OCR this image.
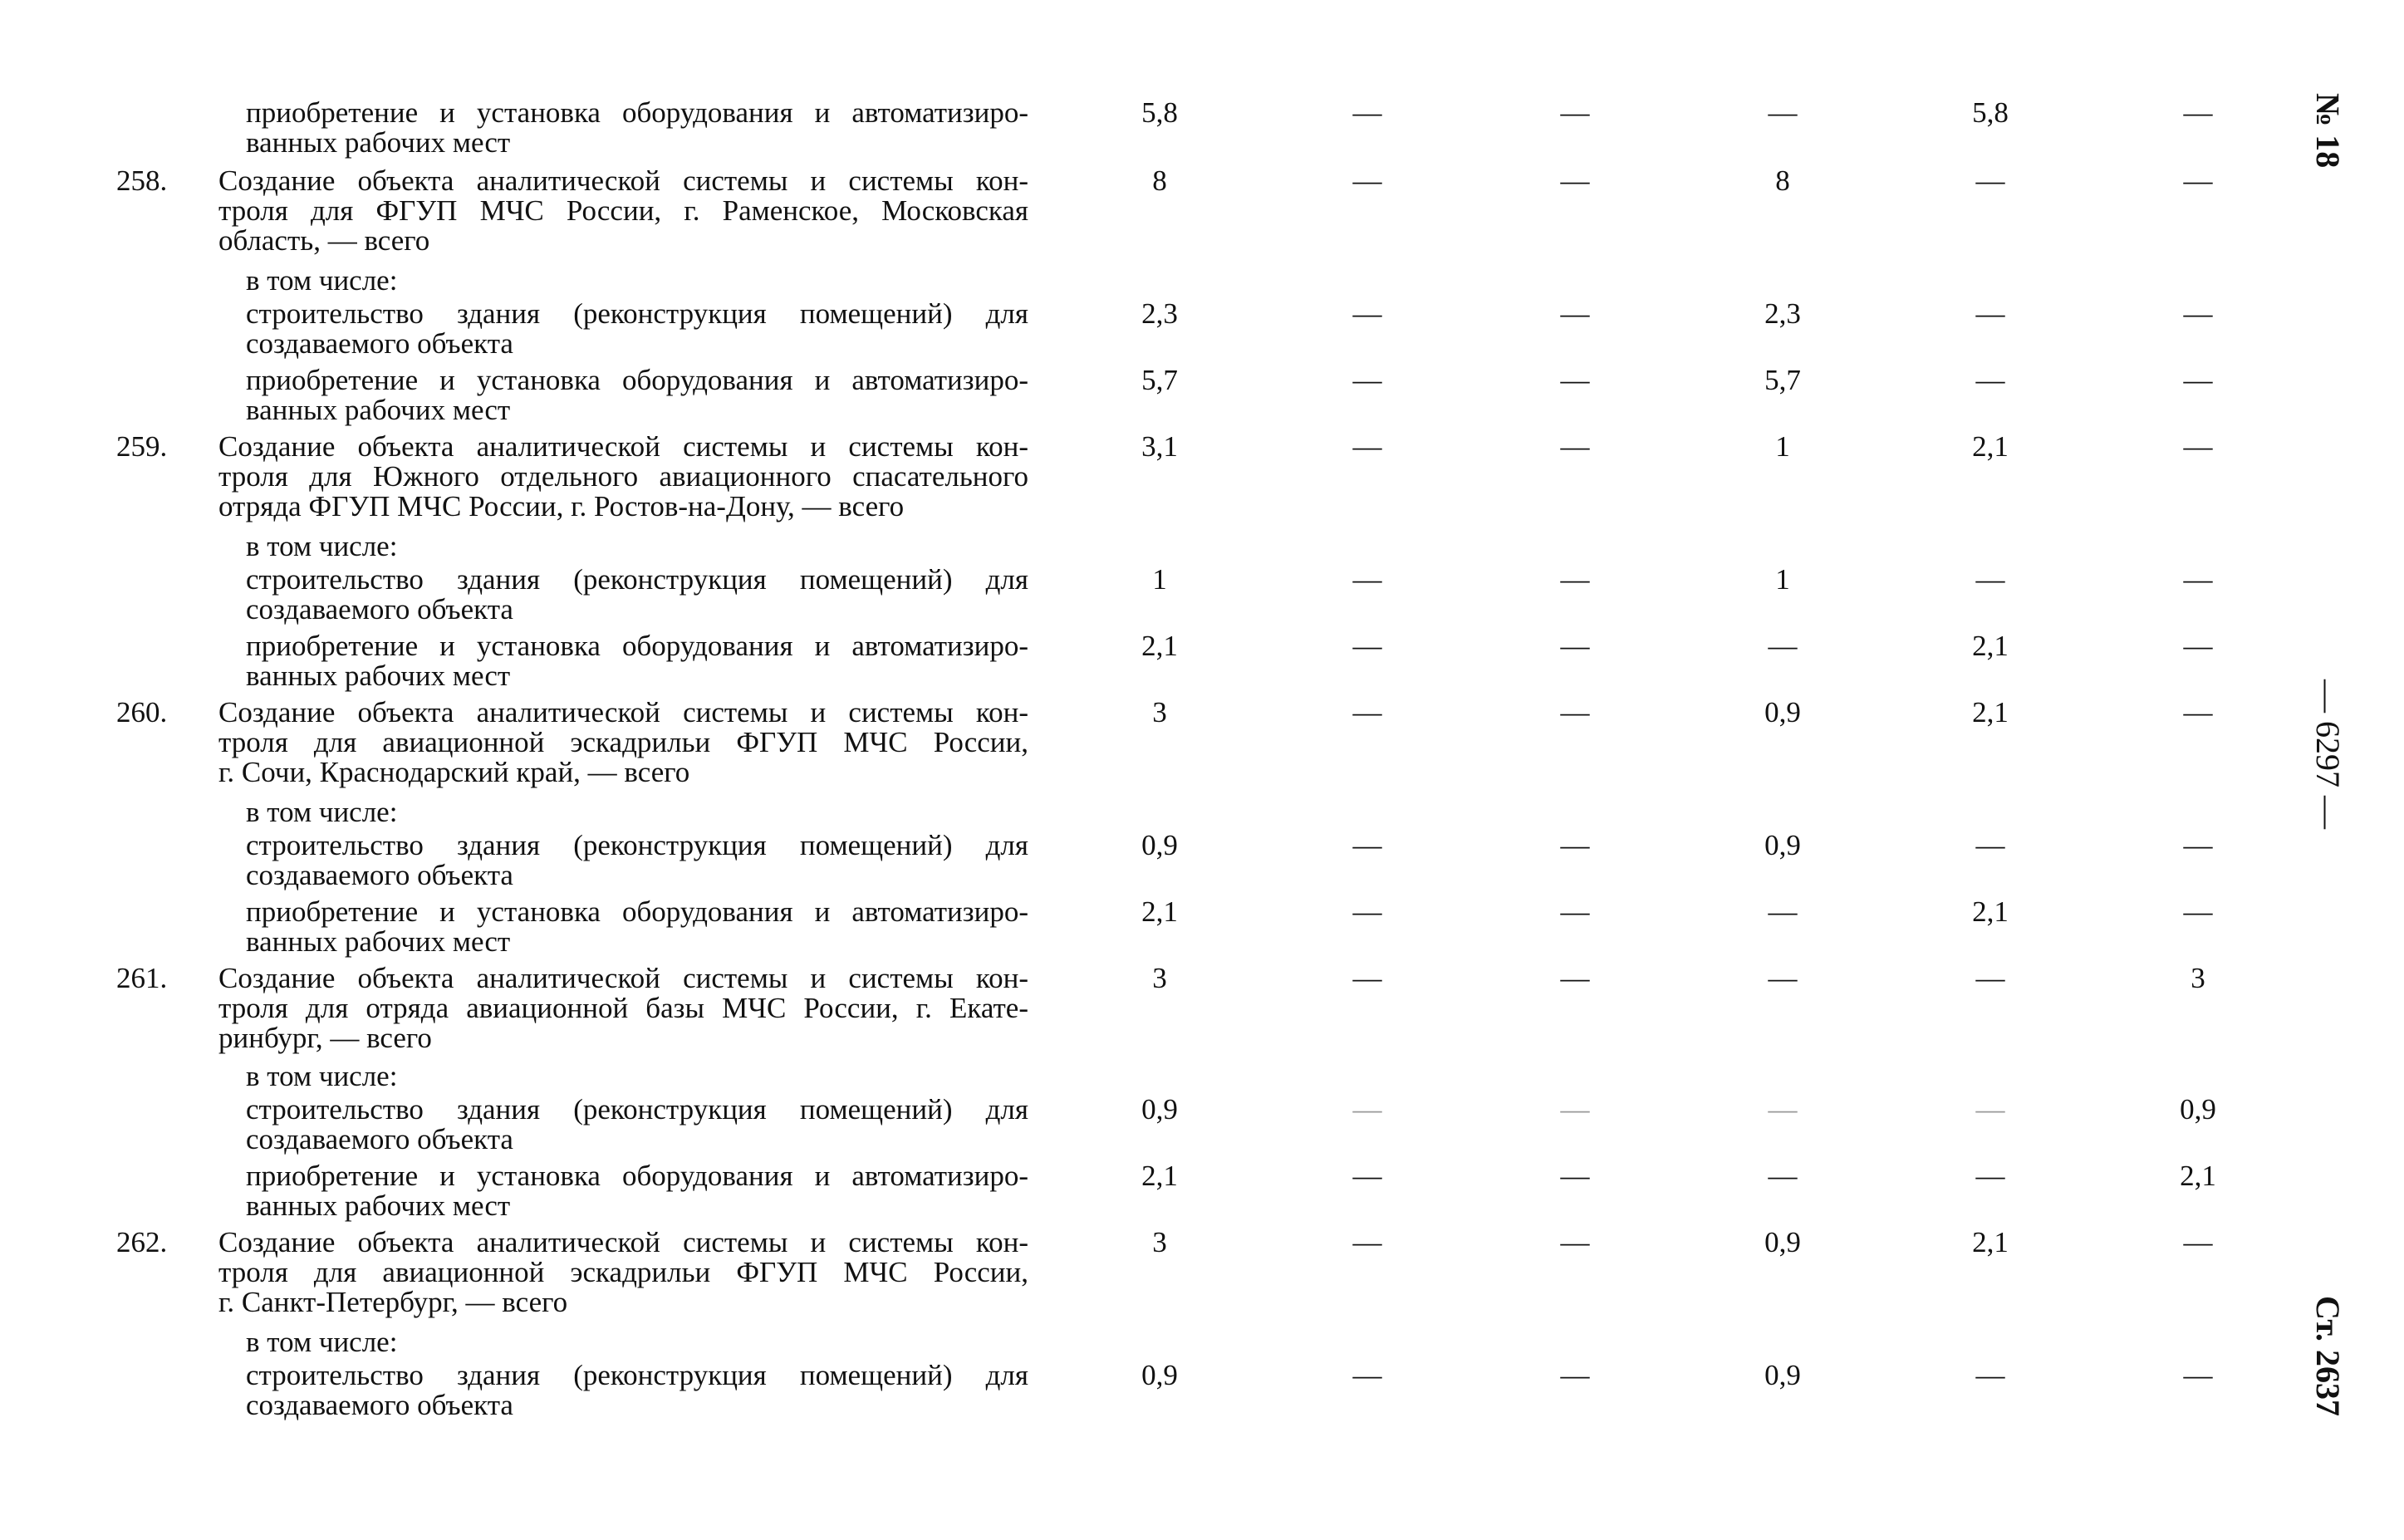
приобретение и установка оборудования и автоматизиро-
ванных рабочих мест
5,8	—	—	—	5,8	—
258. Создание объекта аналитической системы и системы кон-
троля для ФГУП МЧС России, г. Раменское, Московская
область, — всего
8	—	—	8	—	—
в том числе:
строительство здания (реконструкция помещений) для
создаваемого объекта
2,3	—	—	2,3	—	—
приобретение и установка оборудования и автоматизиро-
ванных рабочих мест
5,7	—	—	5,7	—	—
259. Создание объекта аналитической системы и системы кон-
троля для Южного отдельного авиационного спасательного
отряда ФГУП МЧС России, г. Ростов-на-Дону, — всего
3,1	—	—	1	2,1	—
в том числе:
строительство здания (реконструкция помещений) для
создаваемого объекта
1	—	—	1	—	—
приобретение и установка оборудования и автоматизиро-
ванных рабочих мест
2,1	—	—	—	2,1	—
260. Создание объекта аналитической системы и системы кон-
троля для авиационной эскадрильи ФГУП МЧС России,
г. Сочи, Краснодарский край, — всего
3	—	—	0,9	2,1	—
в том числе:
строительство здания (реконструкция помещений) для
создаваемого объекта
0,9	—	—	0,9	—	—
приобретение и установка оборудования и автоматизиро-
ванных рабочих мест
2,1	—	—	—	2,1	—
261. Создание объекта аналитической системы и системы кон-
троля для отряда авиационной базы МЧС России, г. Екате-
ринбург, — всего
3	—	—	—	—	3
в том числе:
строительство здания (реконструкция помещений) для
создаваемого объекта
0,9	—	—	—	—	0,9
приобретение и установка оборудования и автоматизиро-
ванных рабочих мест
2,1	—	—	—	—	2,1
262. Создание объекта аналитической системы и системы кон-
троля для авиационной эскадрильи ФГУП МЧС России,
г. Санкт-Петербург, — всего
3	—	—	0,9	2,1	—
в том числе:
строительство здания (реконструкция помещений) для
создаваемого объекта
0,9	—	—	0,9	—	—
№ 18
— 6297 —
Ст. 2637
